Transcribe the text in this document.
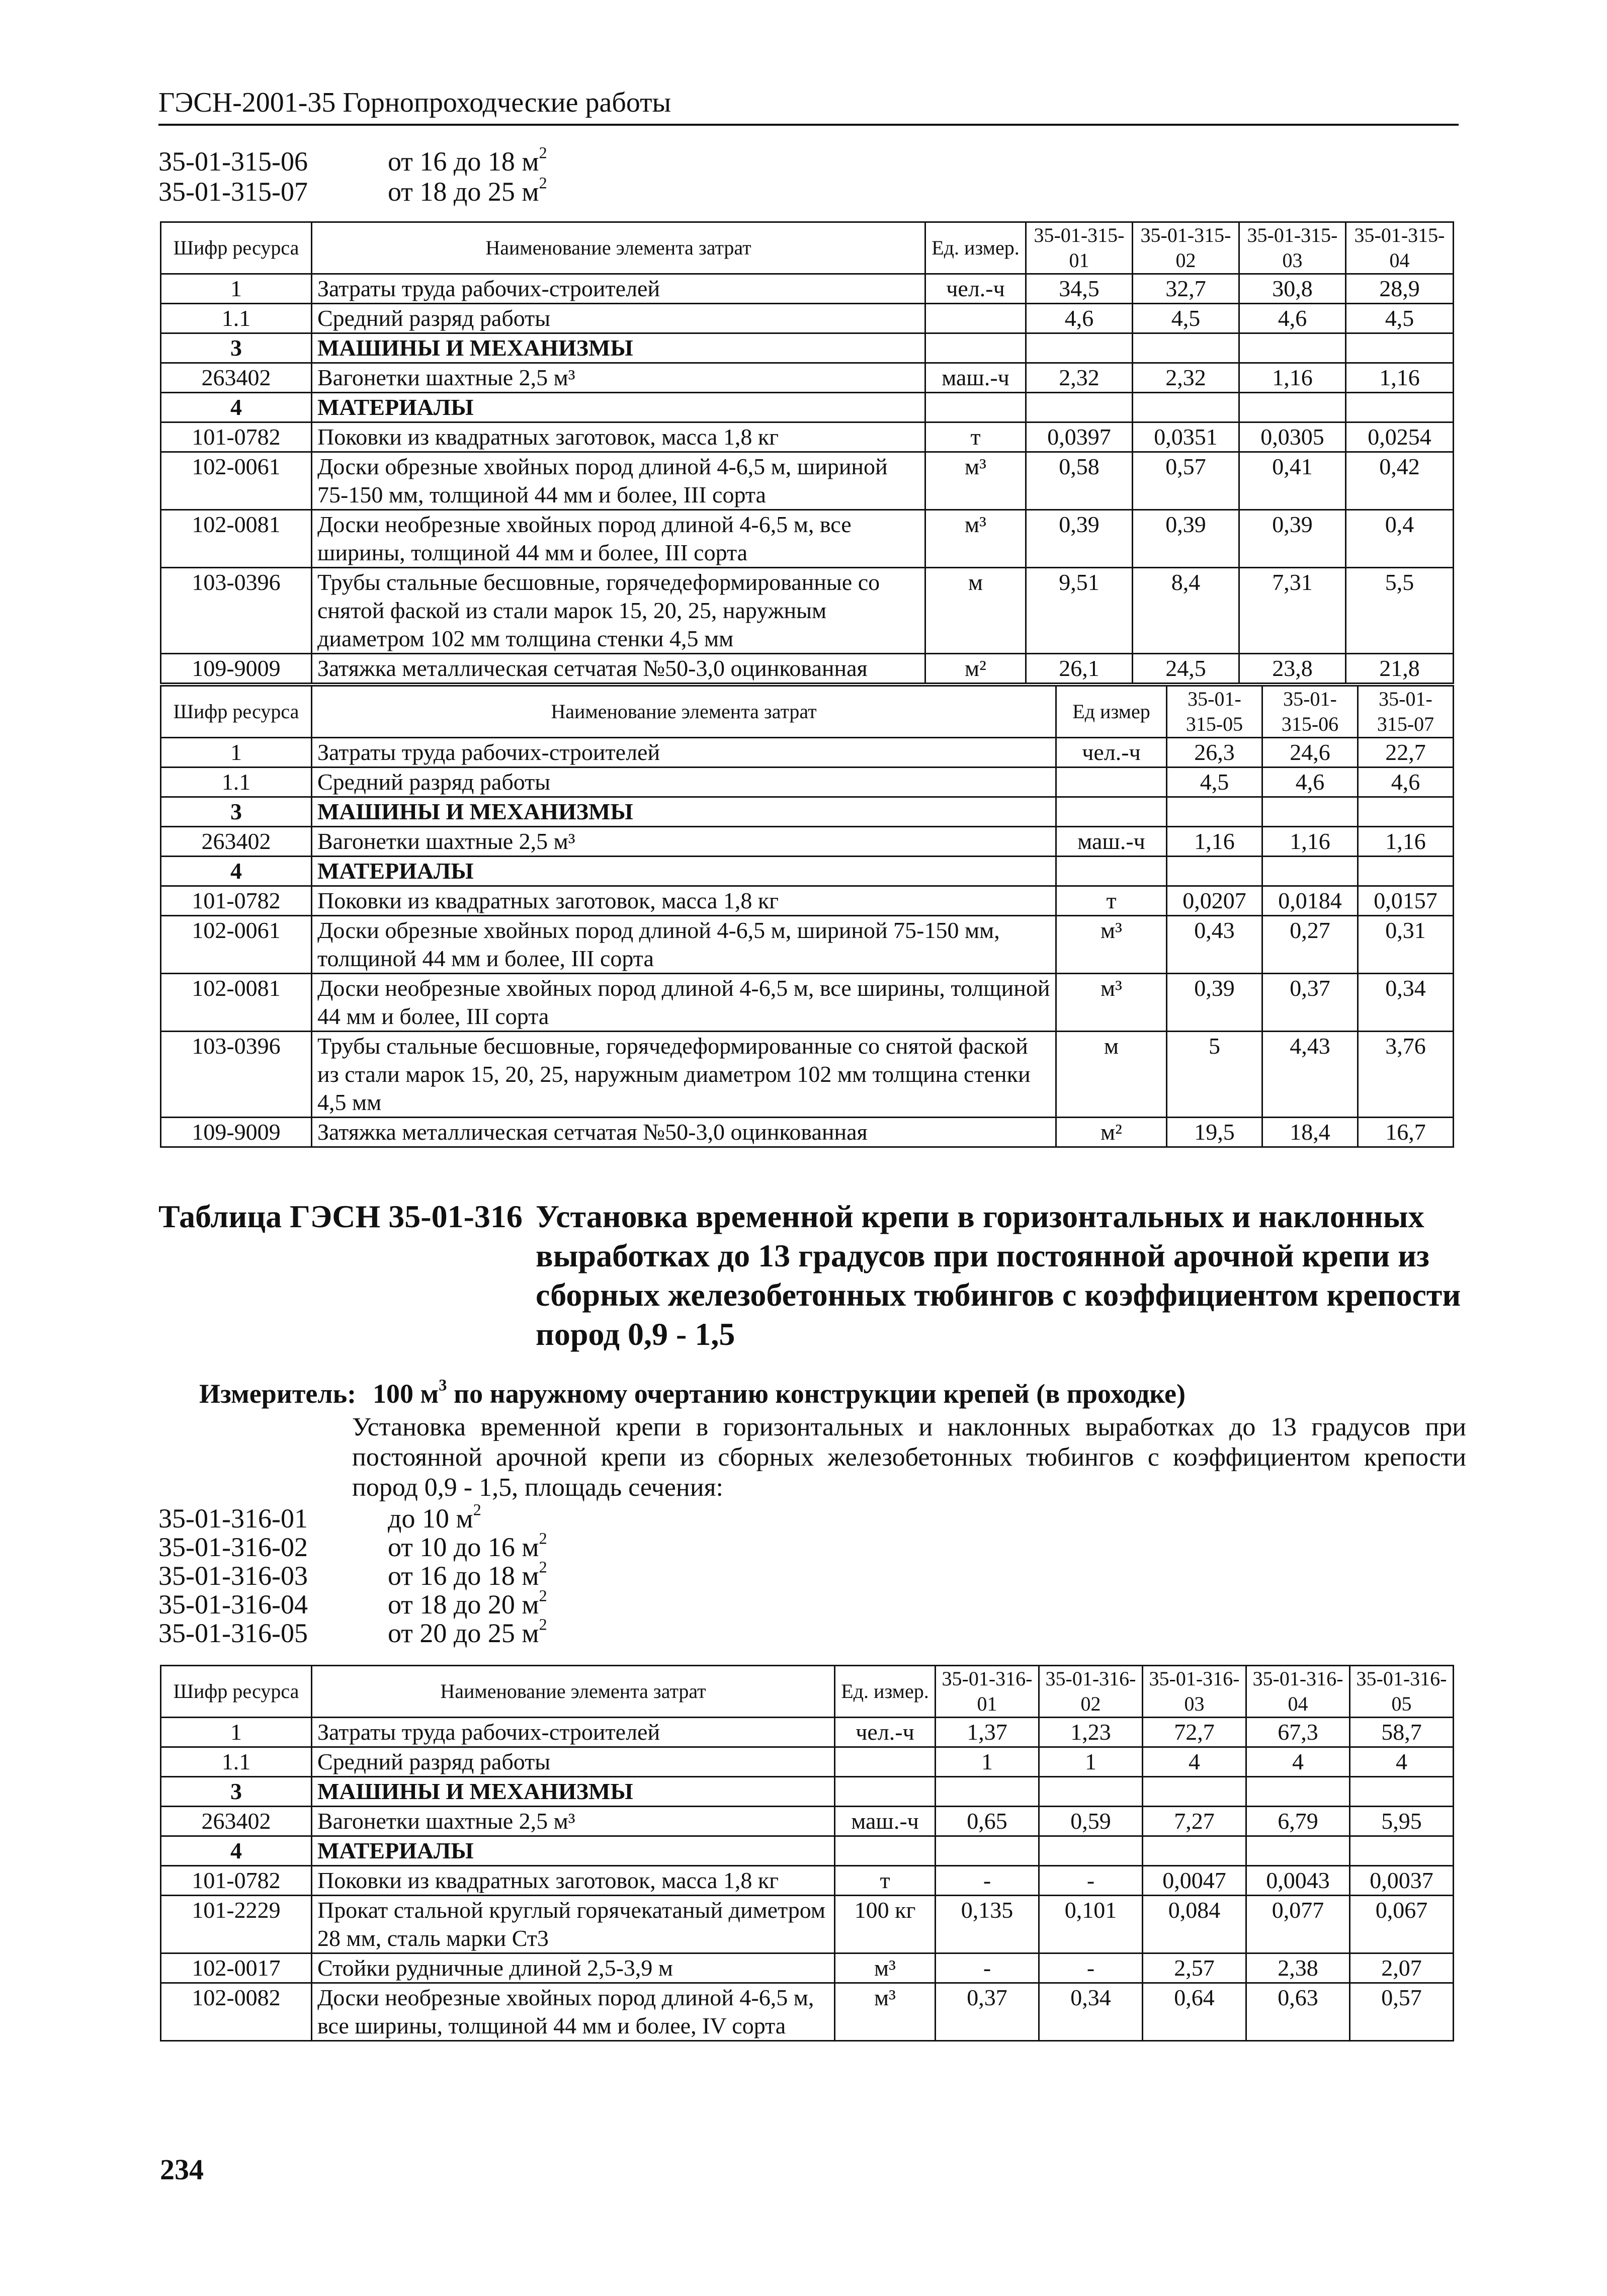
ГЭСН-2001-35 Горнопроходческие работы
35-01-315-06	от 16 до 18 $м^2$
35-01-315-07	от 18 до 25 $м^2$
Шифр ресурса	Наименование элемента затрат	Ед. измер.	35-01-315-01	35-01-315-02	35-01-315-03	35-01-315-04
1	Затраты труда рабочих-строителей	чел.-ч	34,5	32,7	30,8	28,9
1.1	Средний разряд работы		4,6	4,5	4,6	4,5
3	МАШИНЫ И МЕХАНИЗМЫ					
263402	Вагонетки шахтные 2,5 м³	маш.-ч	2,32	2,32	1,16	1,16
4	МАТЕРИАЛЫ					
101-0782	Поковки из квадратных заготовок, масса 1,8 кг	т	0,0397	0,0351	0,0305	0,0254
102-0061	Доски обрезные хвойных пород длиной 4-6,5 м, шириной 75-150 мм, толщиной 44 мм и более, III сорта	м³	0,58	0,57	0,41	0,42
102-0081	Доски необрезные хвойных пород длиной 4-6,5 м, все ширины, толщиной 44 мм и более, III сорта	м³	0,39	0,39	0,39	0,4
103-0396	Трубы стальные бесшовные, горячедеформированные со снятой фаской из стали марок 15, 20, 25, наружным диаметром 102 мм толщина стенки 4,5 мм	м	9,51	8,4	7,31	5,5
109-9009	Затяжка металлическая сетчатая №50-3,0 оцинкованная	м²	26,1	24,5	23,8	21,8
Шифр ресурса	Наименование элемента затрат	Ед измер	35-01-315-05	35-01-315-06	35-01-315-07
1	Затраты труда рабочих-строителей	чел.-ч	26,3	24,6	22,7
1.1	Средний разряд работы		4,5	4,6	4,6
3	МАШИНЫ И МЕХАНИЗМЫ				
263402	Вагонетки шахтные 2,5 м³	маш.-ч	1,16	1,16	1,16
4	МАТЕРИАЛЫ				
101-0782	Поковки из квадратных заготовок, масса 1,8 кг	т	0,0207	0,0184	0,0157
102-0061	Доски обрезные хвойных пород длиной 4-6,5 м, шириной 75-150 мм, толщиной 44 мм и более, III сорта	м³	0,43	0,27	0,31
102-0081	Доски необрезные хвойных пород длиной 4-6,5 м, все ширины, толщиной 44 мм и более, III сорта	м³	0,39	0,37	0,34
103-0396	Трубы стальные бесшовные, горячедеформированные со снятой фаской из стали марок 15, 20, 25, наружным диаметром 102 мм толщина стенки 4,5 мм	м	5	4,43	3,76
109-9009	Затяжка металлическая сетчатая №50-3,0 оцинкованная	м²	19,5	18,4	16,7
Таблица ГЭСН 35-01-316 Установка временной крепи в горизонтальных и наклонных выработках до 13 градусов при постоянной арочной крепи из сборных железобетонных тюбингов с коэффициентом крепости пород 0,9 - 1,5
Измеритель: 100 $м^3$ по наружному очертанию конструкции крепей (в проходке)
Установка временной крепи в горизонтальных и наклонных выработках до 13 градусов при постоянной арочной крепи из сборных железобетонных тюбингов с коэффициентом крепости пород 0,9 - 1,5, площадь сечения:
35-01-316-01	до 10 $м^2$
35-01-316-02	от 10 до 16 $м^2$
35-01-316-03	от 16 до 18 $м^2$
35-01-316-04	от 18 до 20 $м^2$
35-01-316-05	от 20 до 25 $м^2$
Шифр ресурса	Наименование элемента затрат	Ед. измер.	35-01-316-01	35-01-316-02	35-01-316-03	35-01-316-04	35-01-316-05
1	Затраты труда рабочих-строителей	чел.-ч	1,37	1,23	72,7	67,3	58,7
1.1	Средний разряд работы		1	1	4	4	4
3	МАШИНЫ И МЕХАНИЗМЫ						
263402	Вагонетки шахтные 2,5 м³	маш.-ч	0,65	0,59	7,27	6,79	5,95
4	МАТЕРИАЛЫ						
101-0782	Поковки из квадратных заготовок, масса 1,8 кг	т	-	-	0,0047	0,0043	0,0037
101-2229	Прокат стальной круглый горячекатаный диметром 28 мм, сталь марки Ст3	100 кг	0,135	0,101	0,084	0,077	0,067
102-0017	Стойки рудничные длиной 2,5-3,9 м	м³	-	-	2,57	2,38	2,07
102-0082	Доски необрезные хвойных пород длиной 4-6,5 м, все ширины, толщиной 44 мм и более, IV сорта	м³	0,37	0,34	0,64	0,63	0,57
234
